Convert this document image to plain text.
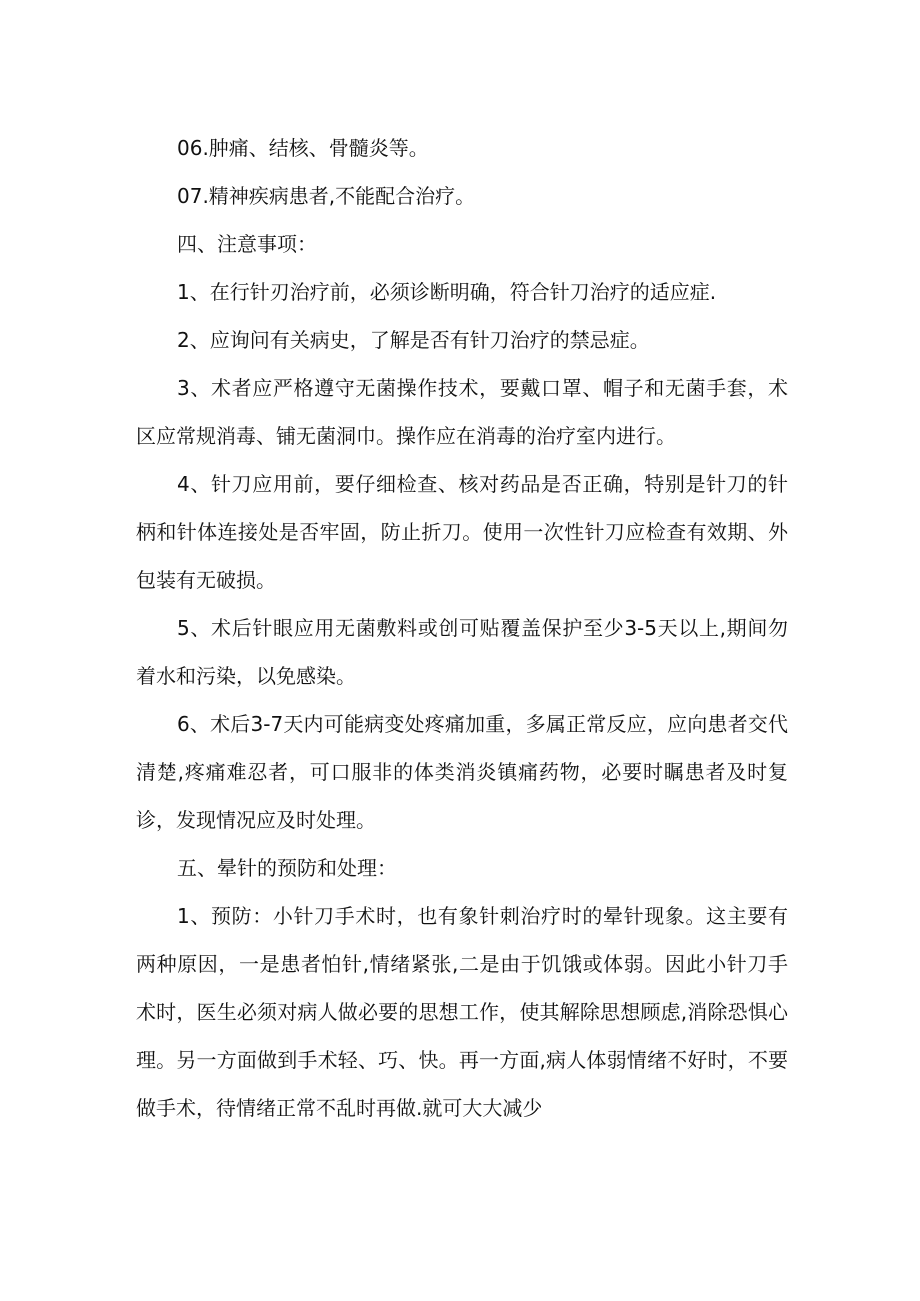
06.肿痛、结核、骨髓炎等。

07.精神疾病患者,不能配合治疗。

四、注意事项：

1、在行针刃治疗前，必须诊断明确，符合针刀治疗的适应症.

2、应询问有关病史，了解是否有针刀治疗的禁忌症。

3、术者应严格遵守无菌操作技术，要戴口罩、帽子和无菌手套，术区应常规消毒、铺无菌洞巾。操作应在消毒的治疗室内进行。

4、针刀应用前，要仔细检查、核对药品是否正确，特别是针刀的针柄和针体连接处是否牢固，防止折刀。使用一次性针刀应检查有效期、外包装有无破损。

5、术后针眼应用无菌敷料或创可贴覆盖保护至少3-5天以上,期间勿着水和污染，以免感染。

6、术后3-7天内可能病变处疼痛加重，多属正常反应，应向患者交代清楚,疼痛难忍者，可口服非的体类消炎镇痛药物，必要时瞩患者及时复诊，发现情况应及时处理。

五、晕针的预防和处理：

1、预防：小针刀手术时，也有象针刺治疗时的晕针现象。这主要有两种原因，一是患者怕针,情绪紧张,二是由于饥饿或体弱。因此小针刀手术时，医生必须对病人做必要的思想工作，使其解除思想顾虑,消除恐惧心理。另一方面做到手术轻、巧、快。再一方面,病人体弱情绪不好时，不要做手术，待情绪正常不乱时再做.就可大大减少
